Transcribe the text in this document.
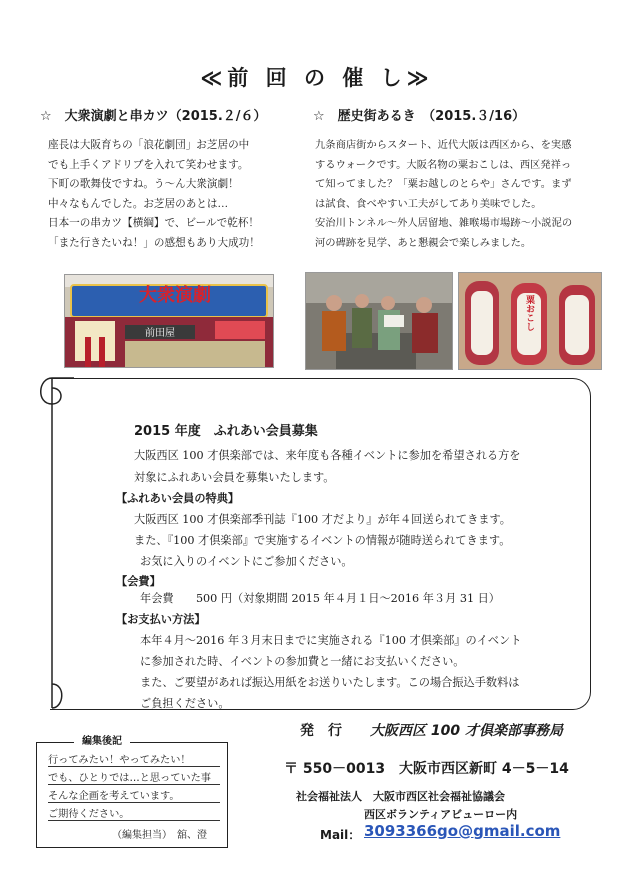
≪前 回 の 催 し≫
☆　大衆演劇と串カツ（2015.２/６）
座長は大阪育ちの「浪花劇団」お芝居の中
でも上手くアドリブを入れて笑わせます。
下町の歌舞伎ですね。う～ん大衆演劇！
中々なもんでした。お芝居のあとは…
日本一の串カツ【横綱】で、ビールで乾杯！
「また行きたいね！」の感想もあり大成功！
大衆演劇
前田屋
☆　歴史街あるき　（2015.３/16）
九条商店街からスタート、近代大阪は西区から、を実感
するウォークです。大阪名物の粟おこしは、西区発祥っ
て知ってました？「粟お越しのとらや」さんです。まず
は試食、食べやすい工夫がしてあり美味でした。
安治川トンネル～外人居留地、雑喉場市場跡～小説泥の
河の碑跡を見学、あと懇親会で楽しみました。
粟おこし
2015 年度　ふれあい会員募集
大阪西区 100 才倶楽部では、来年度も各種イベントに参加を希望される方を
対象にふれあい会員を募集いたします。
【ふれあい会員の特典】
大阪西区 100 才倶楽部季刊誌『100 才だより』が年４回送られてきます。
また、『100 才倶楽部』で実施するイベントの情報が随時送られてきます。
お気に入りのイベントにご参加ください。
【会費】
年会費　　500 円（対象期間 2015 年４月１日～2016 年３月 31 日）
【お支払い方法】
本年４月～2016 年３月末日までに実施される『100 才倶楽部』のイベント
に参加された時、イベントの参加費と一緒にお支払いください。
また、ご要望があれば振込用紙をお送りいたします。この場合振込手数料は
ご負担ください。
編集後記
行ってみたい！やってみたい！
でも、ひとりでは…と思っていた事
そんな企画を考えています。
ご期待ください。
（編集担当）　舘、澄
発　行 大阪西区 100 才倶楽部事務局
〒 550－0013　大阪市西区新町 4－5－14
社会福祉法人　大阪市西区社会福祉協議会
西区ボランティアビューロー内
Mail： 3093366go@gmail.com
